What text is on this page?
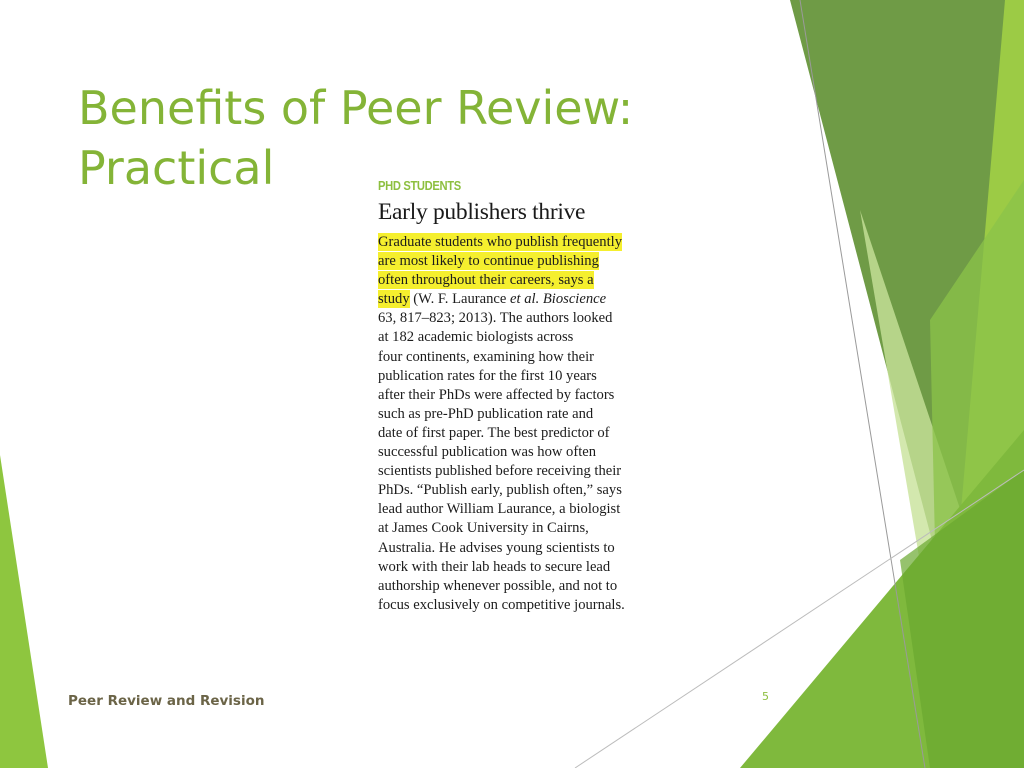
Benefits of Peer Review:
Practical	PHD STUDENTS
Early publishers thrive
Graduate students who publish frequently
are most likely to continue publishing
often throughout their careers, says a
study (W. F. Laurance et al. Bioscience
63, 817–823; 2013). The authors looked
at 182 academic biologists across
four continents, examining how their
publication rates for the first 10 years
after their PhDs were affected by factors
such as pre-PhD publication rate and
date of first paper. The best predictor of
successful publication was how often
scientists published before receiving their
PhDs. “Publish early, publish often,” says
lead author William Laurance, a biologist
at James Cook University in Cairns,
Australia. He advises young scientists to
work with their lab heads to secure lead
authorship whenever possible, and not to
focus exclusively on competitive journals.
Peer Review and Revision	5
